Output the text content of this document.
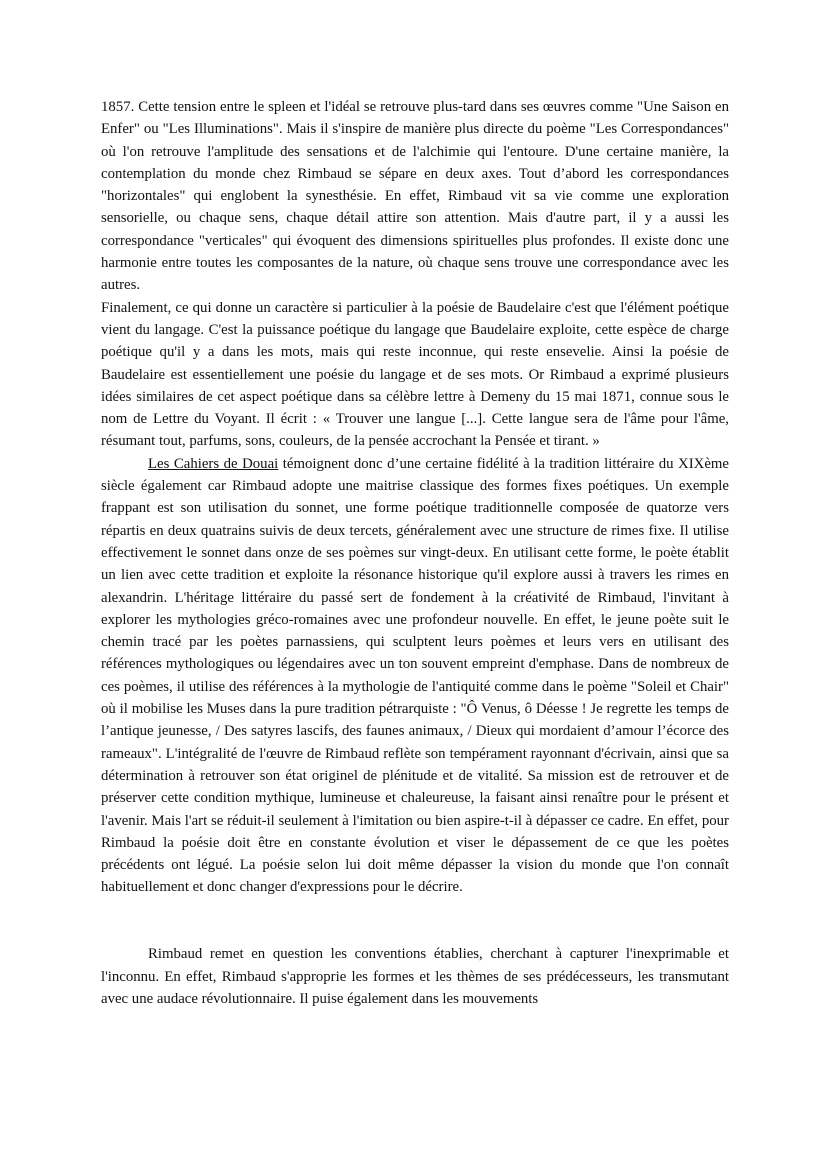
1857. Cette tension entre le spleen et l'idéal se retrouve plus-tard dans ses œuvres comme "Une Saison en Enfer" ou "Les Illuminations". Mais il s'inspire de manière plus directe du poème "Les Correspondances" où l'on retrouve l'amplitude des sensations et de l'alchimie qui l'entoure. D'une certaine manière, la contemplation du monde chez Rimbaud se sépare en deux axes. Tout d’abord les correspondances "horizontales" qui englobent la synesthésie. En effet, Rimbaud vit sa vie comme une exploration sensorielle, ou chaque sens, chaque détail attire son attention. Mais d'autre part, il y a aussi les correspondance "verticales" qui évoquent des dimensions spirituelles plus profondes. Il existe donc une harmonie entre toutes les composantes de la nature, où chaque sens trouve une correspondance avec les autres.

Finalement, ce qui donne un caractère si particulier à la poésie de Baudelaire c'est que l'élément poétique vient du langage. C'est la puissance poétique du langage que Baudelaire exploite, cette espèce de charge poétique qu'il y a dans les mots, mais qui reste inconnue, qui reste ensevelie. Ainsi la poésie de Baudelaire est essentiellement une poésie du langage et de ses mots. Or Rimbaud a exprimé plusieurs idées similaires de cet aspect poétique dans sa célèbre lettre à Demeny du 15 mai 1871, connue sous le nom de Lettre du Voyant. Il écrit : « Trouver une langue [...]. Cette langue sera de l'âme pour l'âme, résumant tout, parfums, sons, couleurs, de la pensée accrochant la Pensée et tirant. »

Les Cahiers de Douai témoignent donc d’une certaine fidélité à la tradition littéraire du XIXème siècle également car Rimbaud adopte une maitrise classique des formes fixes poétiques. Un exemple frappant est son utilisation du sonnet, une forme poétique traditionnelle composée de quatorze vers répartis en deux quatrains suivis de deux tercets, généralement avec une structure de rimes fixe. Il utilise effectivement le sonnet dans onze de ses poèmes sur vingt-deux. En utilisant cette forme, le poète établit un lien avec cette tradition et exploite la résonance historique qu'il explore aussi à travers les rimes en alexandrin. L'héritage littéraire du passé sert de fondement à la créativité de Rimbaud, l'invitant à explorer les mythologies gréco-romaines avec une profondeur nouvelle. En effet, le jeune poète suit le chemin tracé par les poètes parnassiens, qui sculptent leurs poèmes et leurs vers en utilisant des références mythologiques ou légendaires avec un ton souvent empreint d'emphase. Dans de nombreux de ces poèmes, il utilise des références à la mythologie de l'antiquité comme dans le poème "Soleil et Chair" où il mobilise les Muses dans la pure tradition pétrarquiste : "Ô Venus, ô Déesse ! Je regrette les temps de l’antique jeunesse, / Des satyres lascifs, des faunes animaux, / Dieux qui mordaient d’amour l’écorce des rameaux". L'intégralité de l'œuvre de Rimbaud reflète son tempérament rayonnant d'écrivain, ainsi que sa détermination à retrouver son état originel de plénitude et de vitalité. Sa mission est de retrouver et de préserver cette condition mythique, lumineuse et chaleureuse, la faisant ainsi renaître pour le présent et l'avenir. Mais l'art se réduit-il seulement à l'imitation ou bien aspire-t-il à dépasser ce cadre. En effet, pour Rimbaud la poésie doit être en constante évolution et viser le dépassement de ce que les poètes précédents ont légué. La poésie selon lui doit même dépasser la vision du monde que l'on connaît habituellement et donc changer d'expressions pour le décrire.

Rimbaud remet en question les conventions établies, cherchant à capturer l'inexprimable et l'inconnu. En effet, Rimbaud s'approprie les formes et les thèmes de ses prédécesseurs, les transmutant avec une audace révolutionnaire. Il puise également dans les mouvements
